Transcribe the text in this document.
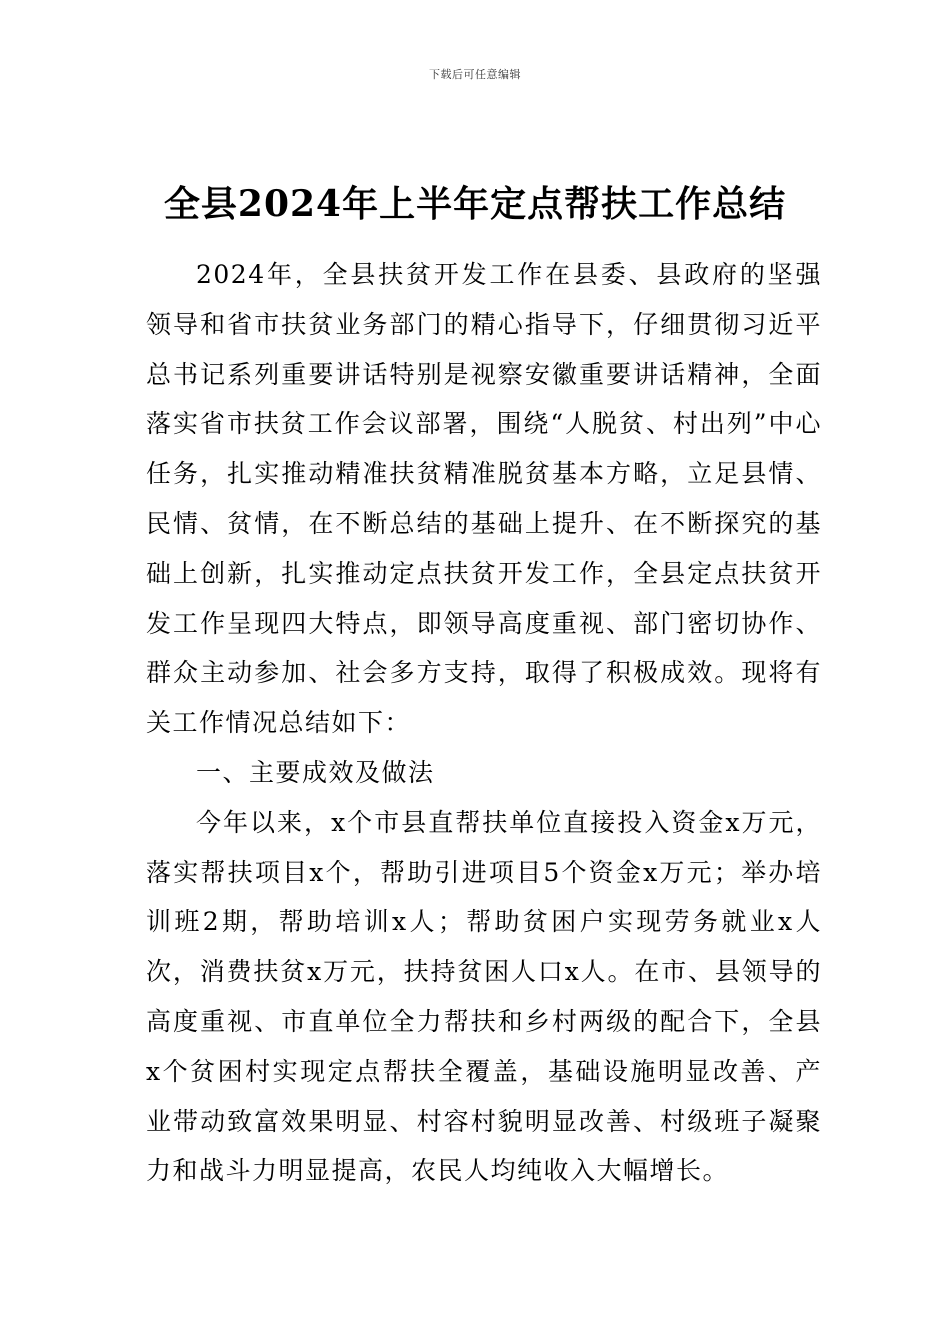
下载后可任意编辑
全县2024年上半年定点帮扶工作总结

2024年，全县扶贫开发工作在县委、县政府的坚强领导和省市扶贫业务部门的精心指导下，仔细贯彻习近平总书记系列重要讲话特别是视察安徽重要讲话精神，全面落实省市扶贫工作会议部署，围绕“人脱贫、村出列”中心任务，扎实推动精准扶贫精准脱贫基本方略，立足县情、民情、贫情，在不断总结的基础上提升、在不断探究的基础上创新，扎实推动定点扶贫开发工作，全县定点扶贫开发工作呈现四大特点，即领导高度重视、部门密切协作、群众主动参加、社会多方支持，取得了积极成效。现将有关工作情况总结如下：

一、主要成效及做法

今年以来，x个市县直帮扶单位直接投入资金x万元，落实帮扶项目x个，帮助引进项目5个资金x万元；举办培训班2期，帮助培训x人；帮助贫困户实现劳务就业x人次，消费扶贫x万元，扶持贫困人口x人。在市、县领导的高度重视、市直单位全力帮扶和乡村两级的配合下，全县x个贫困村实现定点帮扶全覆盖，基础设施明显改善、产业带动致富效果明显、村容村貌明显改善、村级班子凝聚力和战斗力明显提高，农民人均纯收入大幅增长。
